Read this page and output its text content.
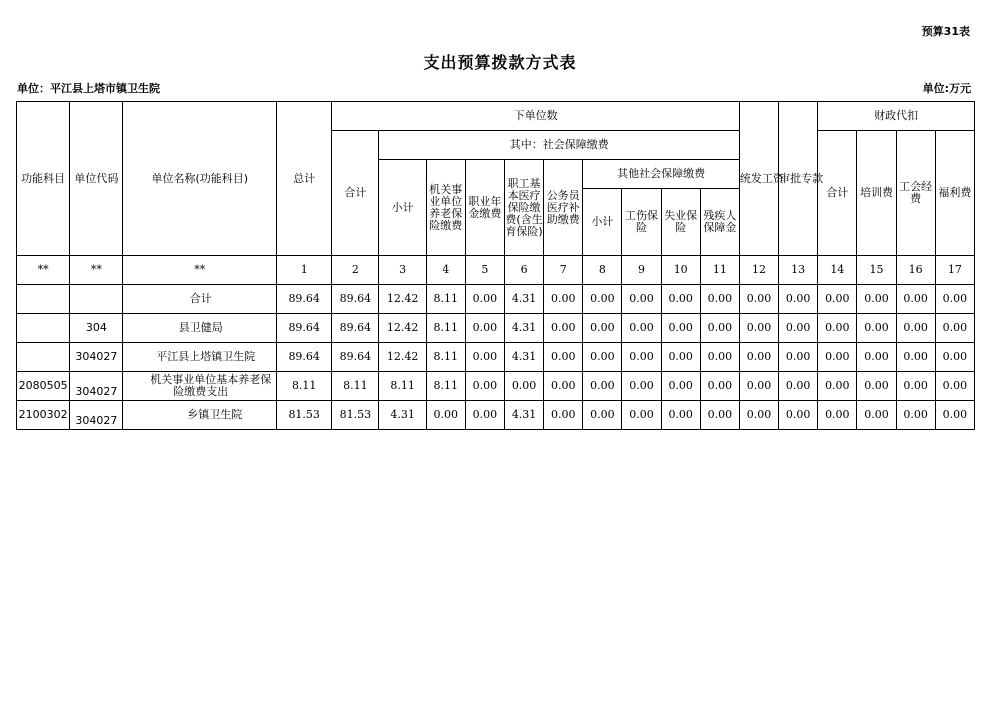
预算31表
支出预算拨款方式表
单位：平江县上塔市镇卫生院	单位:万元
功能科目	单位代码	单位名称(功能科目)	总计	下单位数										统发工资	审批专款	财政代扣			
				合计	其中：社会保障缴费											合计	培训费	工会经费	福利费
					小计	机关事业单位养老保险缴费	职业年金缴费	职工基本医疗保险缴费(含生育保险)	公务员医疗补助缴费	其他社会保障缴费									
										小计	工伤保险	失业保险	残疾人保障金						
**	**	**	1	2	3	4	5	6	7	8	9	10	11	12	13	14	15	16	17
		合计	89.64	89.64	12.42	8.11	0.00	4.31	0.00	0.00	0.00	0.00	0.00	0.00	0.00	0.00	0.00	0.00	0.00
	304	县卫健局	89.64	89.64	12.42	8.11	0.00	4.31	0.00	0.00	0.00	0.00	0.00	0.00	0.00	0.00	0.00	0.00	0.00
	304027	平江县上塔镇卫生院	89.64	89.64	12.42	8.11	0.00	4.31	0.00	0.00	0.00	0.00	0.00	0.00	0.00	0.00	0.00	0.00	0.00
2080505	304027	机关事业单位基本养老保险缴费支出	8.11	8.11	8.11	8.11	0.00	0.00	0.00	0.00	0.00	0.00	0.00	0.00	0.00	0.00	0.00	0.00	0.00
2100302	304027	乡镇卫生院	81.53	81.53	4.31	0.00	0.00	4.31	0.00	0.00	0.00	0.00	0.00	0.00	0.00	0.00	0.00	0.00	0.00
